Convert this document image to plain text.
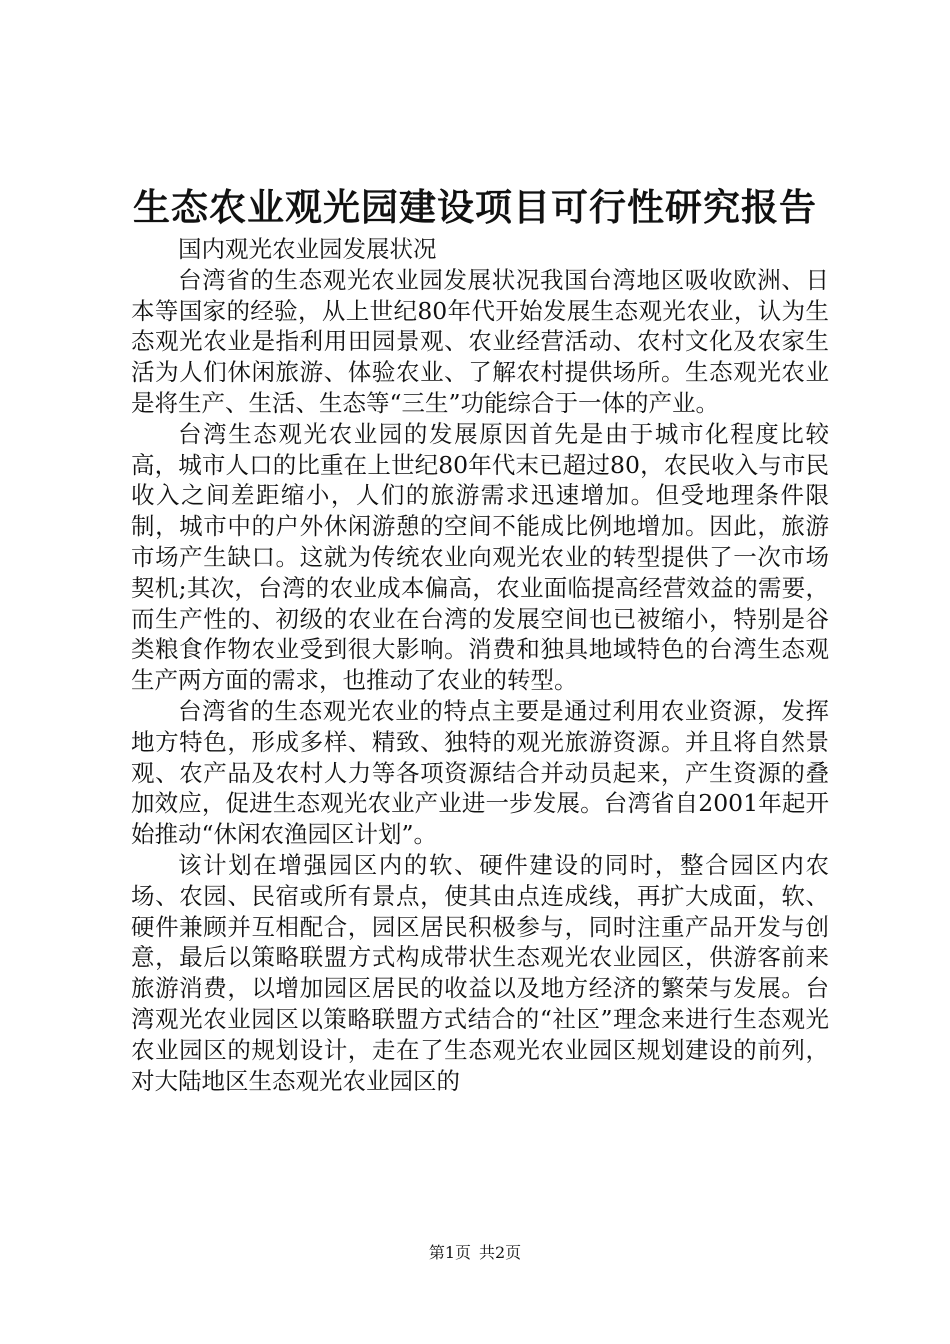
生态农业观光园建设项目可行性研究报告

国内观光农业园发展状况

台湾省的生态观光农业园发展状况我国台湾地区吸收欧洲、日本等国家的经验，从上世纪80年代开始发展生态观光农业，认为生态观光农业是指利用田园景观、农业经营活动、农村文化及农家生活为人们休闲旅游、体验农业、了解农村提供场所。生态观光农业是将生产、生活、生态等“三生”功能综合于一体的产业。

台湾生态观光农业园的发展原因首先是由于城市化程度比较高，城市人口的比重在上世纪80年代末已超过80，农民收入与市民收入之间差距缩小，人们的旅游需求迅速增加。但受地理条件限制，城市中的户外休闲游憩的空间不能成比例地增加。因此，旅游市场产生缺口。这就为传统农业向观光农业的转型提供了一次市场契机;其次，台湾的农业成本偏高，农业面临提高经营效益的需要，而生产性的、初级的农业在台湾的发展空间也已被缩小，特别是谷类粮食作物农业受到很大影响。消费和独具地域特色的台湾生态观生产两方面的需求，也推动了农业的转型。

台湾省的生态观光农业的特点主要是通过利用农业资源，发挥地方特色，形成多样、精致、独特的观光旅游资源。并且将自然景观、农产品及农村人力等各项资源结合并动员起来，产生资源的叠加效应，促进生态观光农业产业进一步发展。台湾省自2001年起开始推动“休闲农渔园区计划”。

该计划在增强园区内的软、硬件建设的同时，整合园区内农场、农园、民宿或所有景点，使其由点连成线，再扩大成面，软、硬件兼顾并互相配合，园区居民积极参与，同时注重产品开发与创意，最后以策略联盟方式构成带状生态观光农业园区，供游客前来旅游消费，以增加园区居民的收益以及地方经济的繁荣与发展。台湾观光农业园区以策略联盟方式结合的“社区”理念来进行生态观光农业园区的规划设计，走在了生态观光农业园区规划建设的前列，对大陆地区生态观光农业园区的

第1页 共2页
